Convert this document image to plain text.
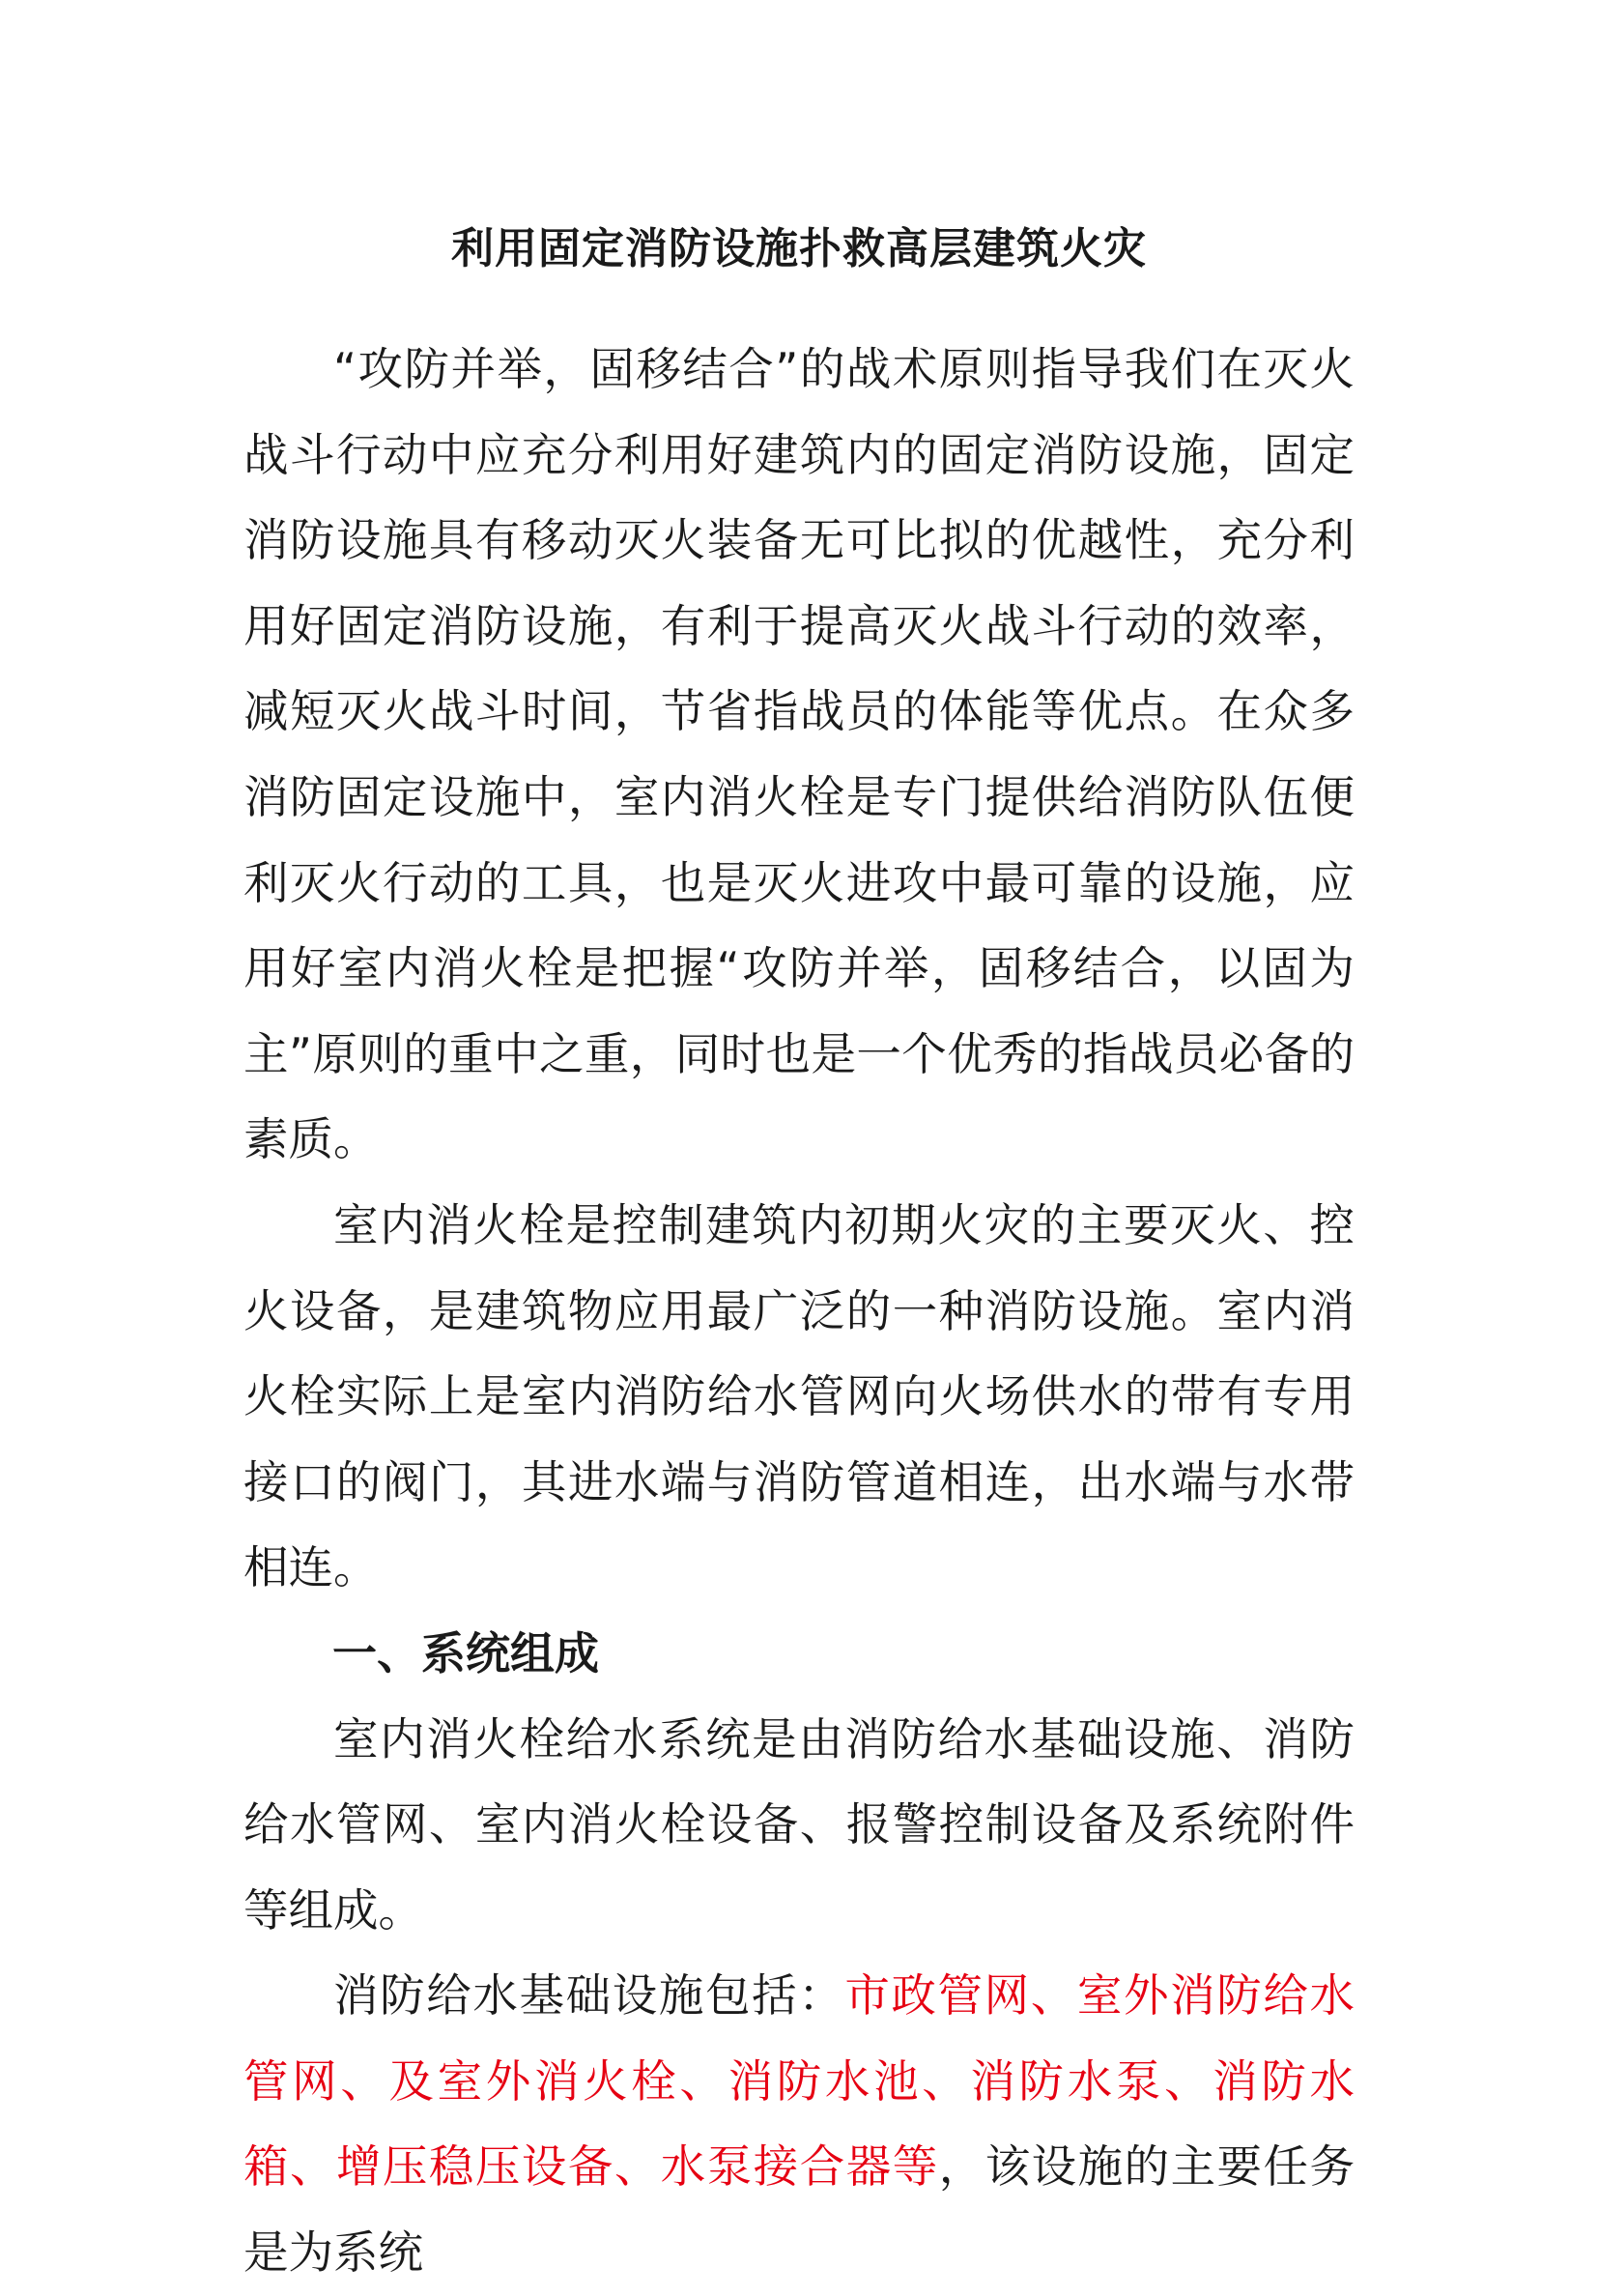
利用固定消防设施扑救高层建筑火灾

“攻防并举，固移结合”的战术原则指导我们在灭火战斗行动中应充分利用好建筑内的固定消防设施，固定消防设施具有移动灭火装备无可比拟的优越性，充分利用好固定消防设施，有利于提高灭火战斗行动的效率，减短灭火战斗时间，节省指战员的体能等优点。在众多消防固定设施中，室内消火栓是专门提供给消防队伍便利灭火行动的工具，也是灭火进攻中最可靠的设施，应用好室内消火栓是把握“攻防并举，固移结合，以固为主”原则的重中之重，同时也是一个优秀的指战员必备的素质。

室内消火栓是控制建筑内初期火灾的主要灭火、控火设备，是建筑物应用最广泛的一种消防设施。室内消火栓实际上是室内消防给水管网向火场供水的带有专用接口的阀门，其进水端与消防管道相连，出水端与水带相连。

一、系统组成

室内消火栓给水系统是由消防给水基础设施、消防给水管网、室内消火栓设备、报警控制设备及系统附件等组成。

消防给水基础设施包括：市政管网、室外消防给水管网、及室外消火栓、消防水池、消防水泵、消防水箱、增压稳压设备、水泵接合器等，该设施的主要任务是为系统
